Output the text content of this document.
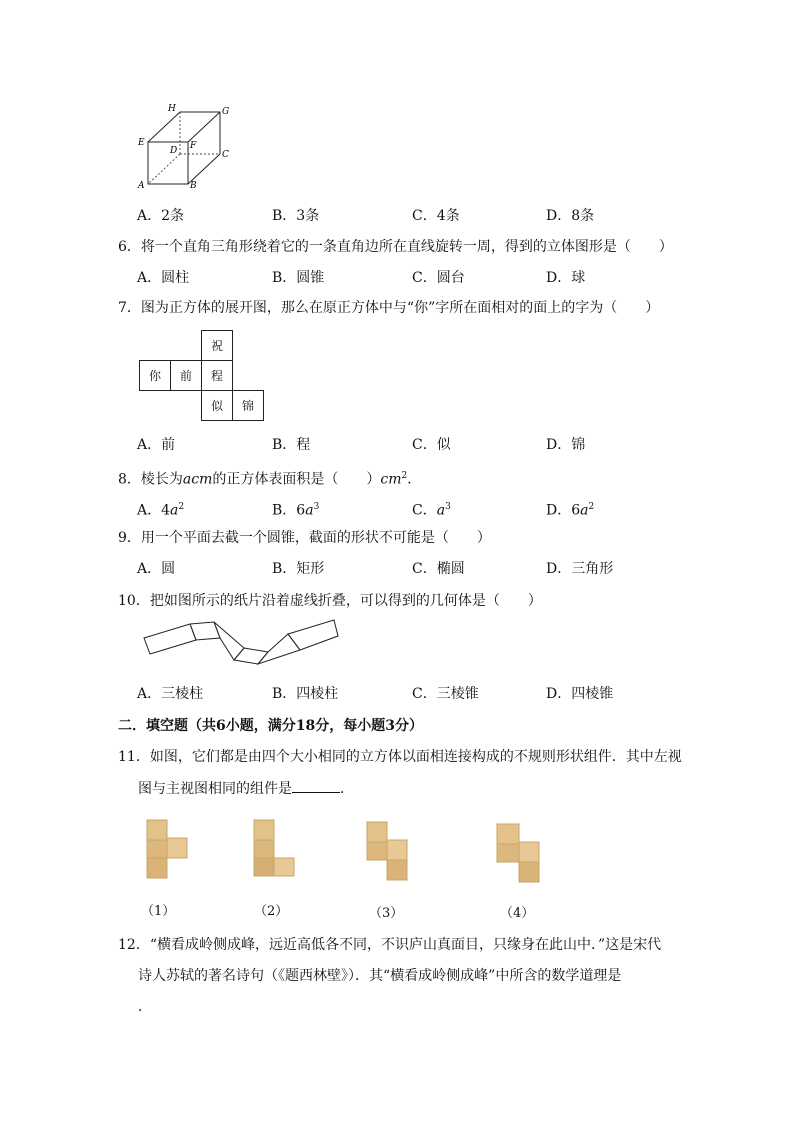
H	G
E	F
D	C
A	B
A．2条	B．3条	C．4条	D．8条
6．将一个直角三角形绕着它的一条直角边所在直线旋转一周，得到的立体图形是（　　）
A．圆柱	B．圆锥	C．圆台	D．球
7．图为正方体的展开图，那么在原正方体中与“你”字所在面相对的面上的字为（　　）
		祝	
你	前	程	
		似	锦
A．前	B．程	C．似	D．锦
8．棱长为acm的正方体表面积是（　　）$cm^2$．
A．$4a^2$	B．$6a^3$	C．$a^3$	D．$6a^2$
9．用一个平面去截一个圆锥，截面的形状不可能是（　　）
A．圆	B．矩形	C．椭圆	D．三角形
10．把如图所示的纸片沿着虚线折叠，可以得到的几何体是（　　）
A．三棱柱	B．四棱柱	C．三棱锥	D．四棱锥
二．填空题（共6小题，满分18分，每小题3分）
11．如图，它们都是由四个大小相同的立方体以面相连接构成的不规则形状组件．其中左视
图与主视图相同的组件是	．
（1）	（2）	（3）	（4）
12．“横看成岭侧成峰，远近高低各不同，不识庐山真面目，只缘身在此山中．”这是宋代
诗人苏轼的著名诗句（《题西林壁》）．其“横看成岭侧成峰”中所含的数学道理是
．
